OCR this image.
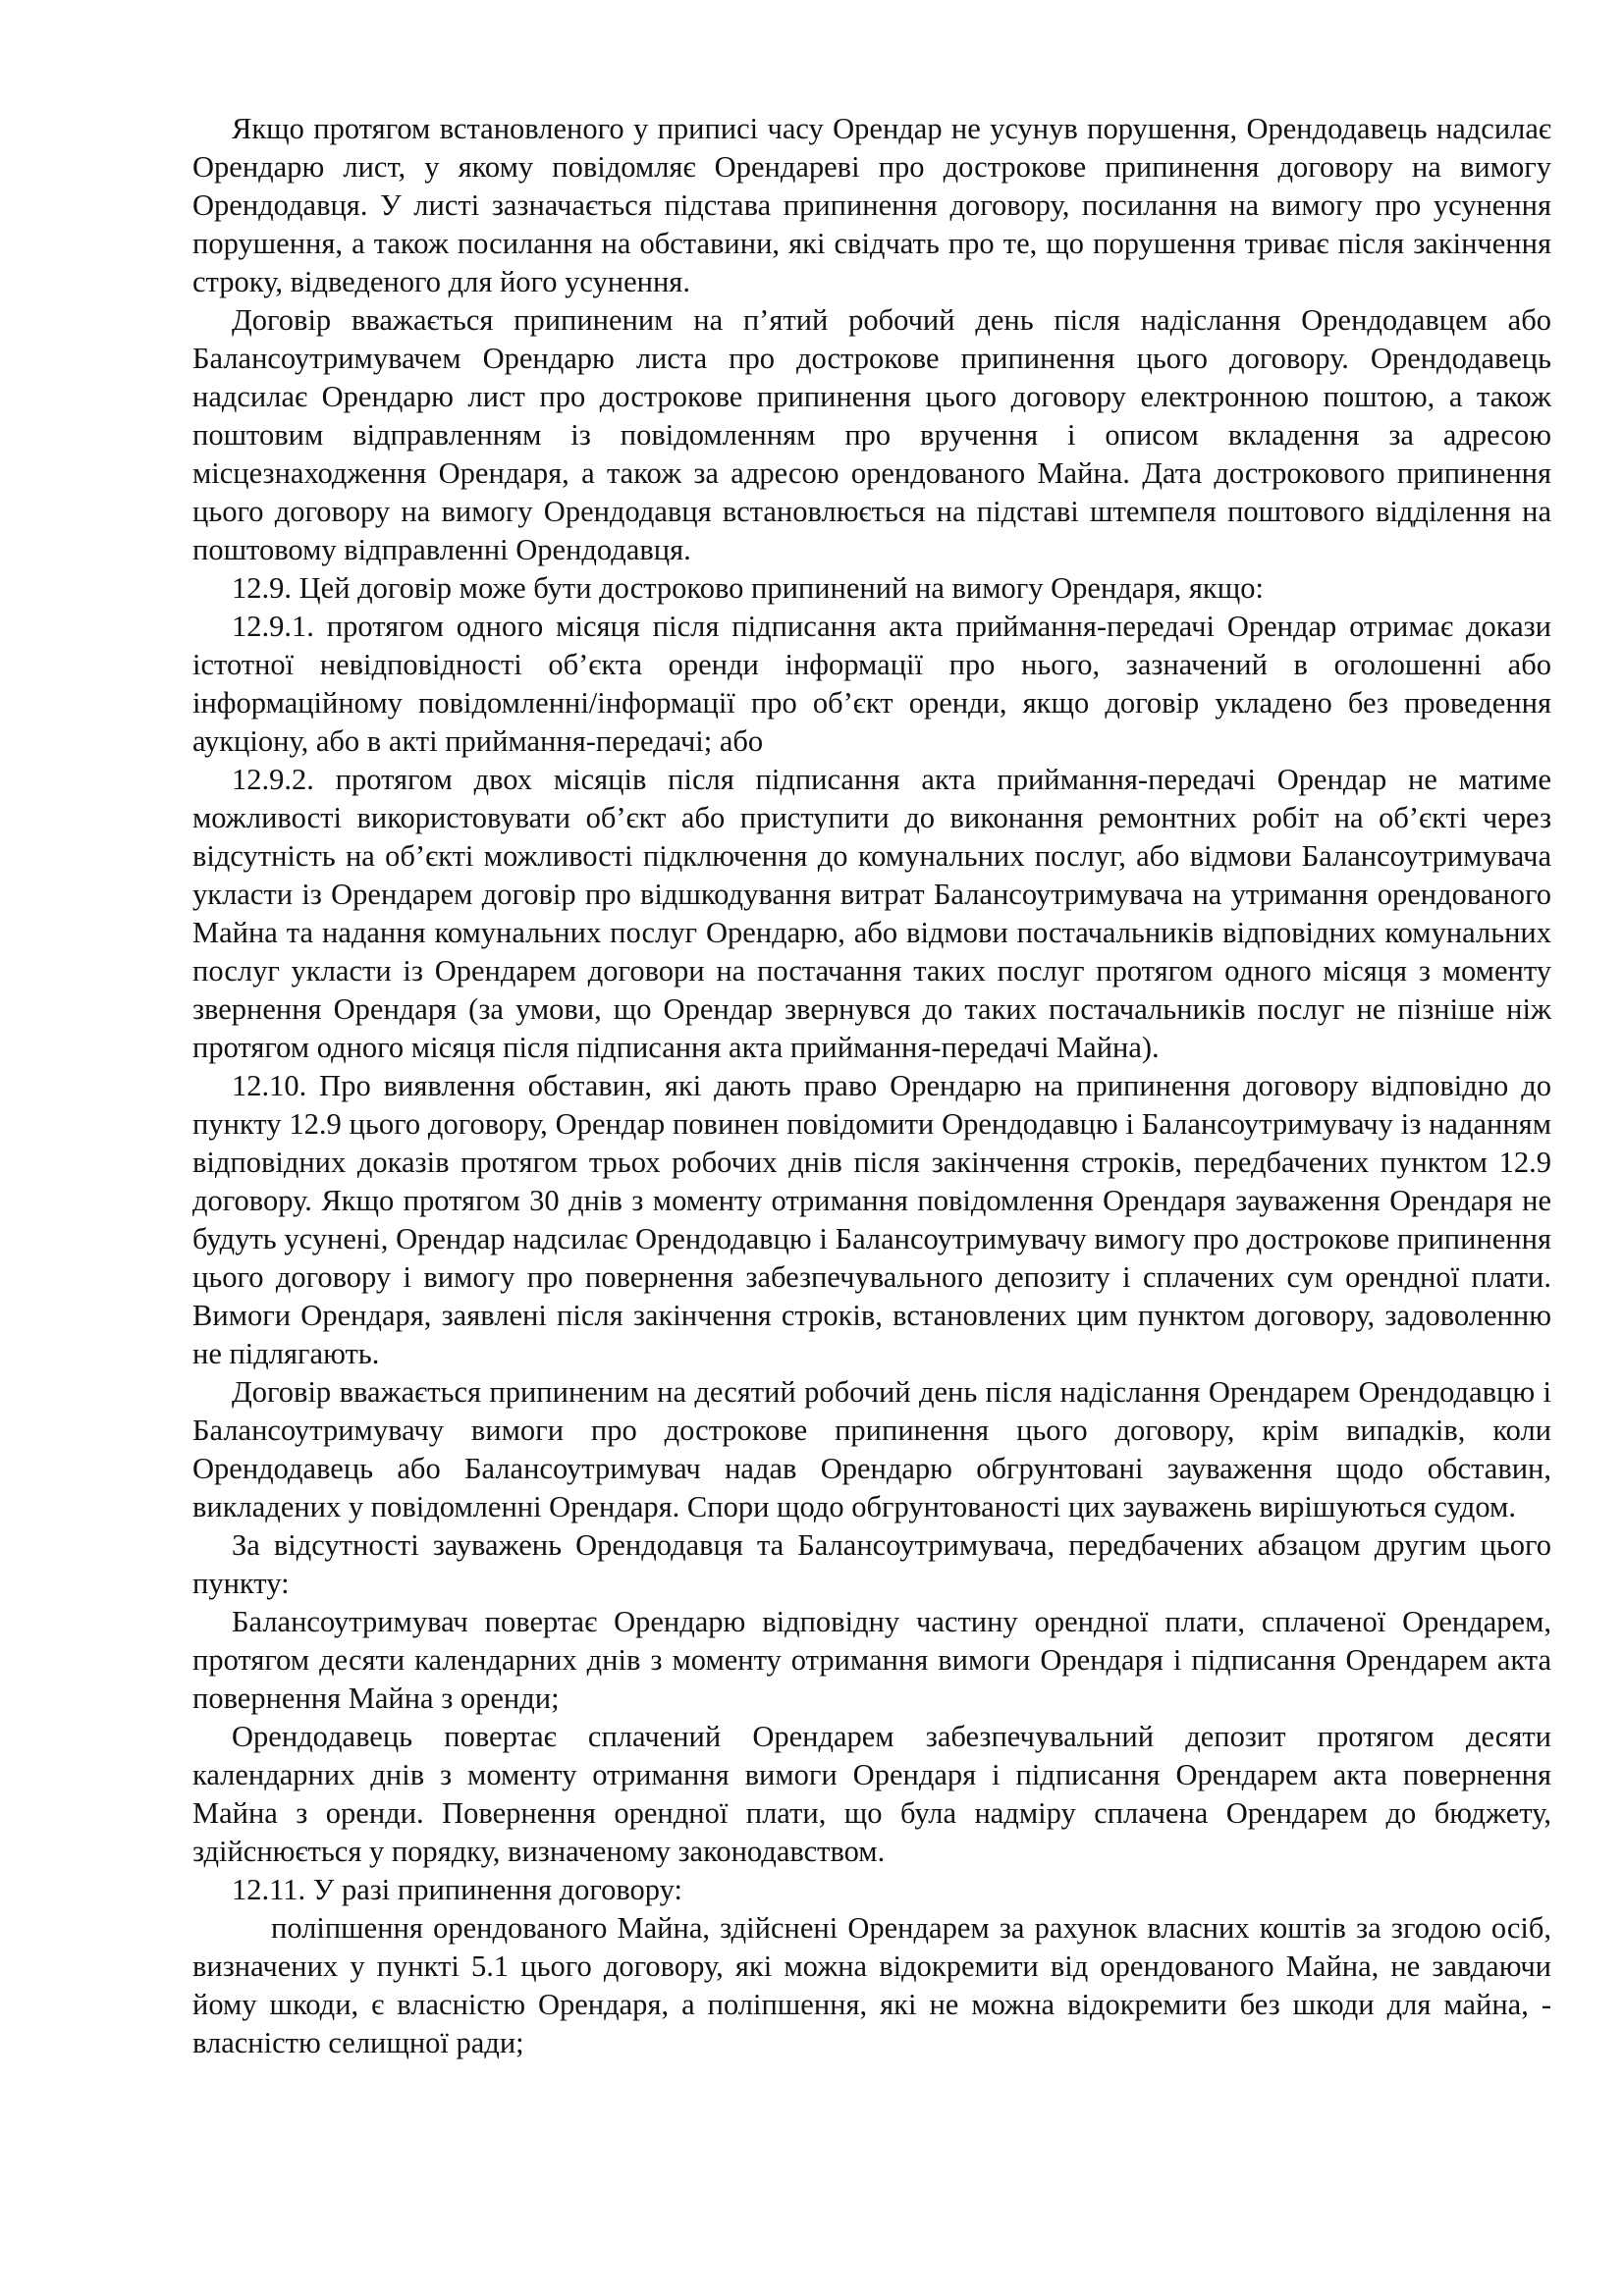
Якщо протягом встановленого у приписі часу Орендар не усунув порушення, Орендодавець надсилає Орендарю лист, у якому повідомляє Орендареві про дострокове припинення договору на вимогу Орендодавця. У листі зазначається підстава припинення договору, посилання на вимогу про усунення порушення, а також посилання на обставини, які свідчать про те, що порушення триває після закінчення строку, відведеного для його усунення.

Договір вважається припиненим на п’ятий робочий день після надіслання Орендодавцем або Балансоутримувачем Орендарю листа про дострокове припинення цього договору. Орендодавець надсилає Орендарю лист про дострокове припинення цього договору електронною поштою, а також поштовим відправленням із повідомленням про вручення і описом вкладення за адресою місцезнаходження Орендаря, а також за адресою орендованого Майна. Дата дострокового припинення цього договору на вимогу Орендодавця встановлюється на підставі штемпеля поштового відділення на поштовому відправленні Орендодавця.

12.9. Цей договір може бути достроково припинений на вимогу Орендаря, якщо:

12.9.1. протягом одного місяця після підписання акта приймання-передачі Орендар отримає докази істотної невідповідності об’єкта оренди інформації про нього, зазначений в оголошенні або інформаційному повідомленні/інформації про об’єкт оренди, якщо договір укладено без проведення аукціону, або в акті приймання-передачі; або

12.9.2. протягом двох місяців після підписання акта приймання-передачі Орендар не матиме можливості використовувати об’єкт або приступити до виконання ремонтних робіт на об’єкті через відсутність на об’єкті можливості підключення до комунальних послуг, або відмови Балансоутримувача укласти із Орендарем договір про відшкодування витрат Балансоутримувача на утримання орендованого Майна та надання комунальних послуг Орендарю, або відмови постачальників відповідних комунальних послуг укласти із Орендарем договори на постачання таких послуг протягом одного місяця з моменту звернення Орендаря (за умови, що Орендар звернувся до таких постачальників послуг не пізніше ніж протягом одного місяця після підписання акта приймання-передачі Майна).

12.10. Про виявлення обставин, які дають право Орендарю на припинення договору відповідно до пункту 12.9 цього договору, Орендар повинен повідомити Орендодавцю і Балансоутримувачу із наданням відповідних доказів протягом трьох робочих днів після закінчення строків, передбачених пунктом 12.9 договору. Якщо протягом 30 днів з моменту отримання повідомлення Орендаря зауваження Орендаря не будуть усунені, Орендар надсилає Орендодавцю і Балансоутримувачу вимогу про дострокове припинення цього договору і вимогу про повернення забезпечувального депозиту і сплачених сум орендної плати. Вимоги Орендаря, заявлені після закінчення строків, встановлених цим пунктом договору, задоволенню не підлягають.

Договір вважається припиненим на десятий робочий день після надіслання Орендарем Орендодавцю і Балансоутримувачу вимоги про дострокове припинення цього договору, крім випадків, коли Орендодавець або Балансоутримувач надав Орендарю обгрунтовані зауваження щодо обставин, викладених у повідомленні Орендаря. Спори щодо обгрунтованості цих зауважень вирішуються судом.

За відсутності зауважень Орендодавця та Балансоутримувача, передбачених абзацом другим цього пункту:

Балансоутримувач повертає Орендарю відповідну частину орендної плати, сплаченої Орендарем, протягом десяти календарних днів з моменту отримання вимоги Орендаря і підписання Орендарем акта повернення Майна з оренди;

Орендодавець повертає сплачений Орендарем забезпечувальний депозит протягом десяти календарних днів з моменту отримання вимоги Орендаря і підписання Орендарем акта повернення Майна з оренди. Повернення орендної плати, що була надміру сплачена Орендарем до бюджету, здійснюється у порядку, визначеному законодавством.

12.11. У разі припинення договору:

поліпшення орендованого Майна, здійснені Орендарем за рахунок власних коштів за згодою осіб, визначених у пункті 5.1 цього договору, які можна відокремити від орендованого Майна, не завдаючи йому шкоди, є власністю Орендаря, а поліпшення, які не можна відокремити без шкоди для майна, - власністю селищної ради;
